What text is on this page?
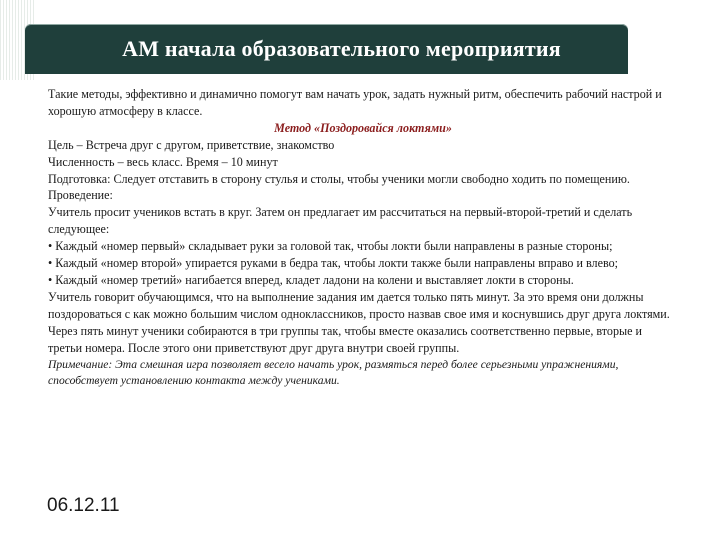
АМ начала образовательного мероприятия

Такие методы, эффективно и динамично помогут вам начать урок, задать нужный ритм, обеспечить рабочий настрой и хорошую атмосферу в классе.

Метод «Поздоровайся локтями»

Цель – Встреча друг с другом, приветствие, знакомство

Численность – весь класс. Время – 10 минут

Подготовка: Следует отставить в сторону стулья и столы, чтобы ученики могли свободно ходить по помещению.

Проведение:

Учитель просит учеников встать в круг. Затем он предлагает им рассчитаться на первый-второй-третий и сделать следующее:

• Каждый «номер первый» складывает руки за головой так, чтобы локти были направлены в разные стороны;

• Каждый «номер второй» упирается руками в бедра так, чтобы локти также были направлены вправо и влево;

• Каждый «номер третий» нагибается вперед, кладет ладони на колени и выставляет локти в стороны.

Учитель говорит обучающимся, что на выполнение задания им дается только пять минут. За это время они должны поздороваться с как можно большим числом одноклассников, просто назвав свое имя и коснувшись друг друга локтями.

Через пять минут ученики собираются в три группы так, чтобы вместе оказались соответственно первые, вторые и третьи номера. После этого они приветствуют друг друга внутри своей группы.

Примечание: Эта смешная игра позволяет весело начать урок, размяться перед более серьезными упражнениями, способствует установлению контакта между учениками.

06.12.11
